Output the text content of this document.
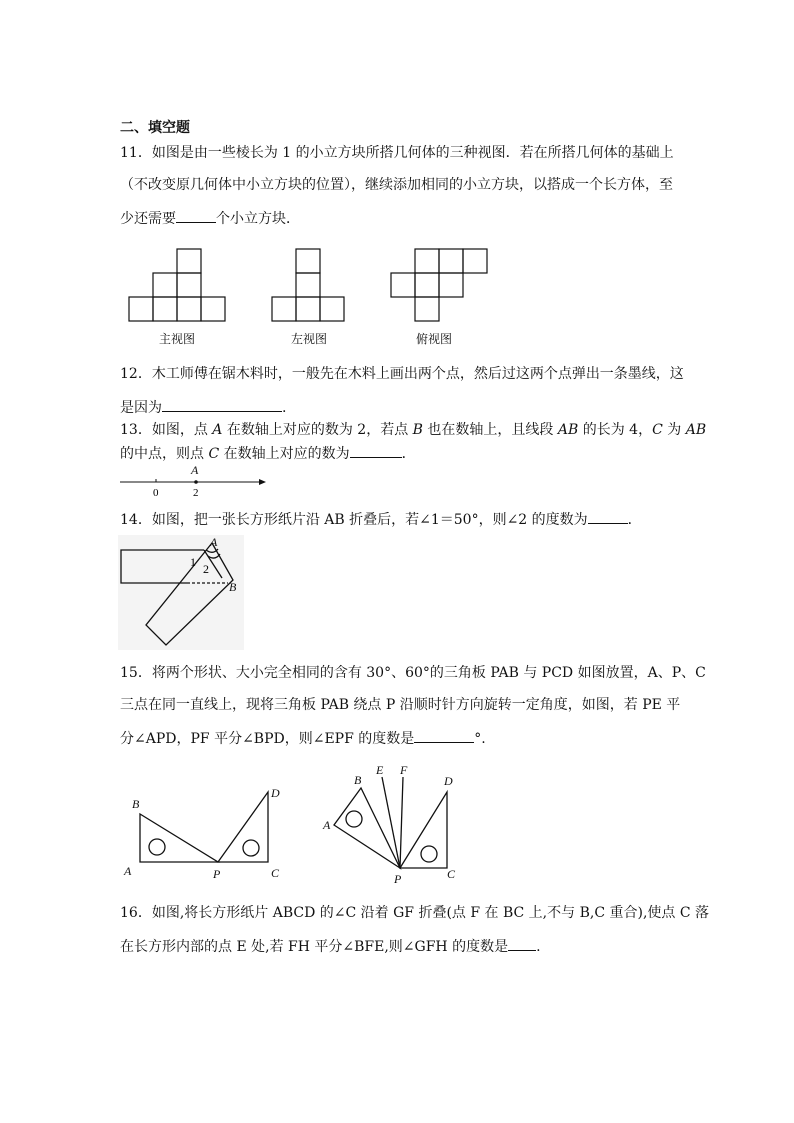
二、填空题
11．如图是由一些棱长为 1 的小立方块所搭几何体的三种视图．若在所搭几何体的基础上
（不改变原几何体中小立方块的位置），继续添加相同的小立方块，以搭成一个长方体，至
少还需要	个小立方块．
主视图	左视图	俯视图
12．木工师傅在锯木料时，一般先在木料上画出两个点，然后过这两个点弹出一条墨线，这
是因为	.
13．如图，点 A 在数轴上对应的数为 2，若点 B 也在数轴上，且线段 AB 的长为 4，C 为 AB
的中点，则点 C 在数轴上对应的数为	．
A
0	2
14．如图，把一张长方形纸片沿 AB 折叠后，若∠1＝50°，则∠2 的度数为	．
A
B
1 2
15．将两个形状、大小完全相同的含有 30°、60°的三角板 PAB 与 PCD 如图放置，A、P、C
三点在同一直线上，现将三角板 PAB 绕点 P 沿顺时针方向旋转一定角度，如图，若 PE 平
分∠APD，PF 平分∠BPD，则∠EPF 的度数是	°.
B
A	P	C
D
A
B
E F
D
P	C
16．如图,将长方形纸片 ABCD 的∠C 沿着 GF 折叠(点 F 在 BC 上,不与 B,C 重合),使点 C 落
在长方形内部的点 E 处,若 FH 平分∠BFE,则∠GFH 的度数是 .
